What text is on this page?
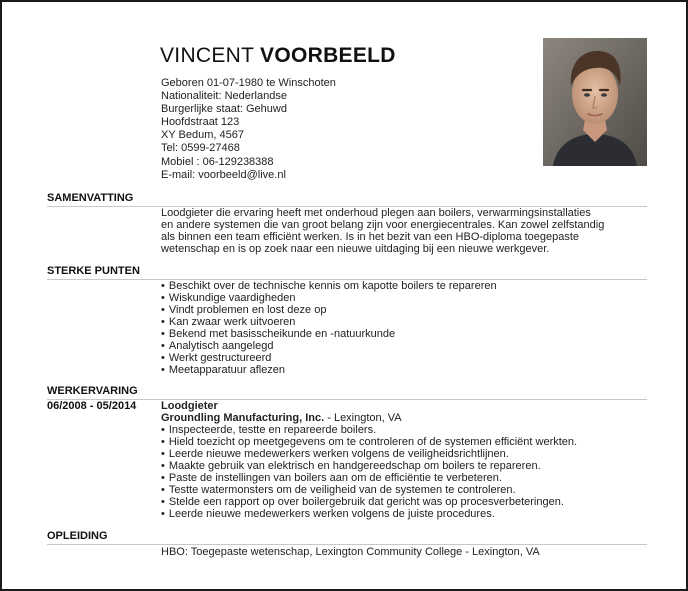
VINCENT VOORBEELD
Geboren 01-07-1980 te Winschoten
Nationaliteit: Nederlandse
Burgerlijke staat: Gehuwd
Hoofdstraat 123
XY Bedum, 4567
Tel: 0599-27468
Mobiel : 06-129238388
E-mail: voorbeeld@live.nl
SAMENVATTING
Loodgieter die ervaring heeft met onderhoud plegen aan boilers, verwarmingsinstallaties
en andere systemen die van groot belang zijn voor energiecentrales. Kan zowel zelfstandig
als binnen een team efficiënt werken. Is in het bezit van een HBO-diploma toegepaste
wetenschap en is op zoek naar een nieuwe uitdaging bij een nieuwe werkgever.
STERKE PUNTEN
• Beschikt over de technische kennis om kapotte boilers te repareren
• Wiskundige vaardigheden
• Vindt problemen en lost deze op
• Kan zwaar werk uitvoeren
• Bekend met basisscheikunde en -natuurkunde
• Analytisch aangelegd
• Werkt gestructureerd
• Meetapparatuur aflezen
WERKERVARING
06/2008 - 05/2014 Loodgieter
Groundling Manufacturing, Inc. - Lexington, VA
• Inspecteerde, testte en repareerde boilers.
• Hield toezicht op meetgegevens om te controleren of de systemen efficiënt werkten.
• Leerde nieuwe medewerkers werken volgens de veiligheidsrichtlijnen.
• Maakte gebruik van elektrisch en handgereedschap om boilers te repareren.
• Paste de instellingen van boilers aan om de efficiëntie te verbeteren.
• Testte watermonsters om de veiligheid van de systemen te controleren.
• Stelde een rapport op over boilergebruik dat gericht was op procesverbeteringen.
• Leerde nieuwe medewerkers werken volgens de juiste procedures.
OPLEIDING
HBO: Toegepaste wetenschap, Lexington Community College - Lexington, VA
